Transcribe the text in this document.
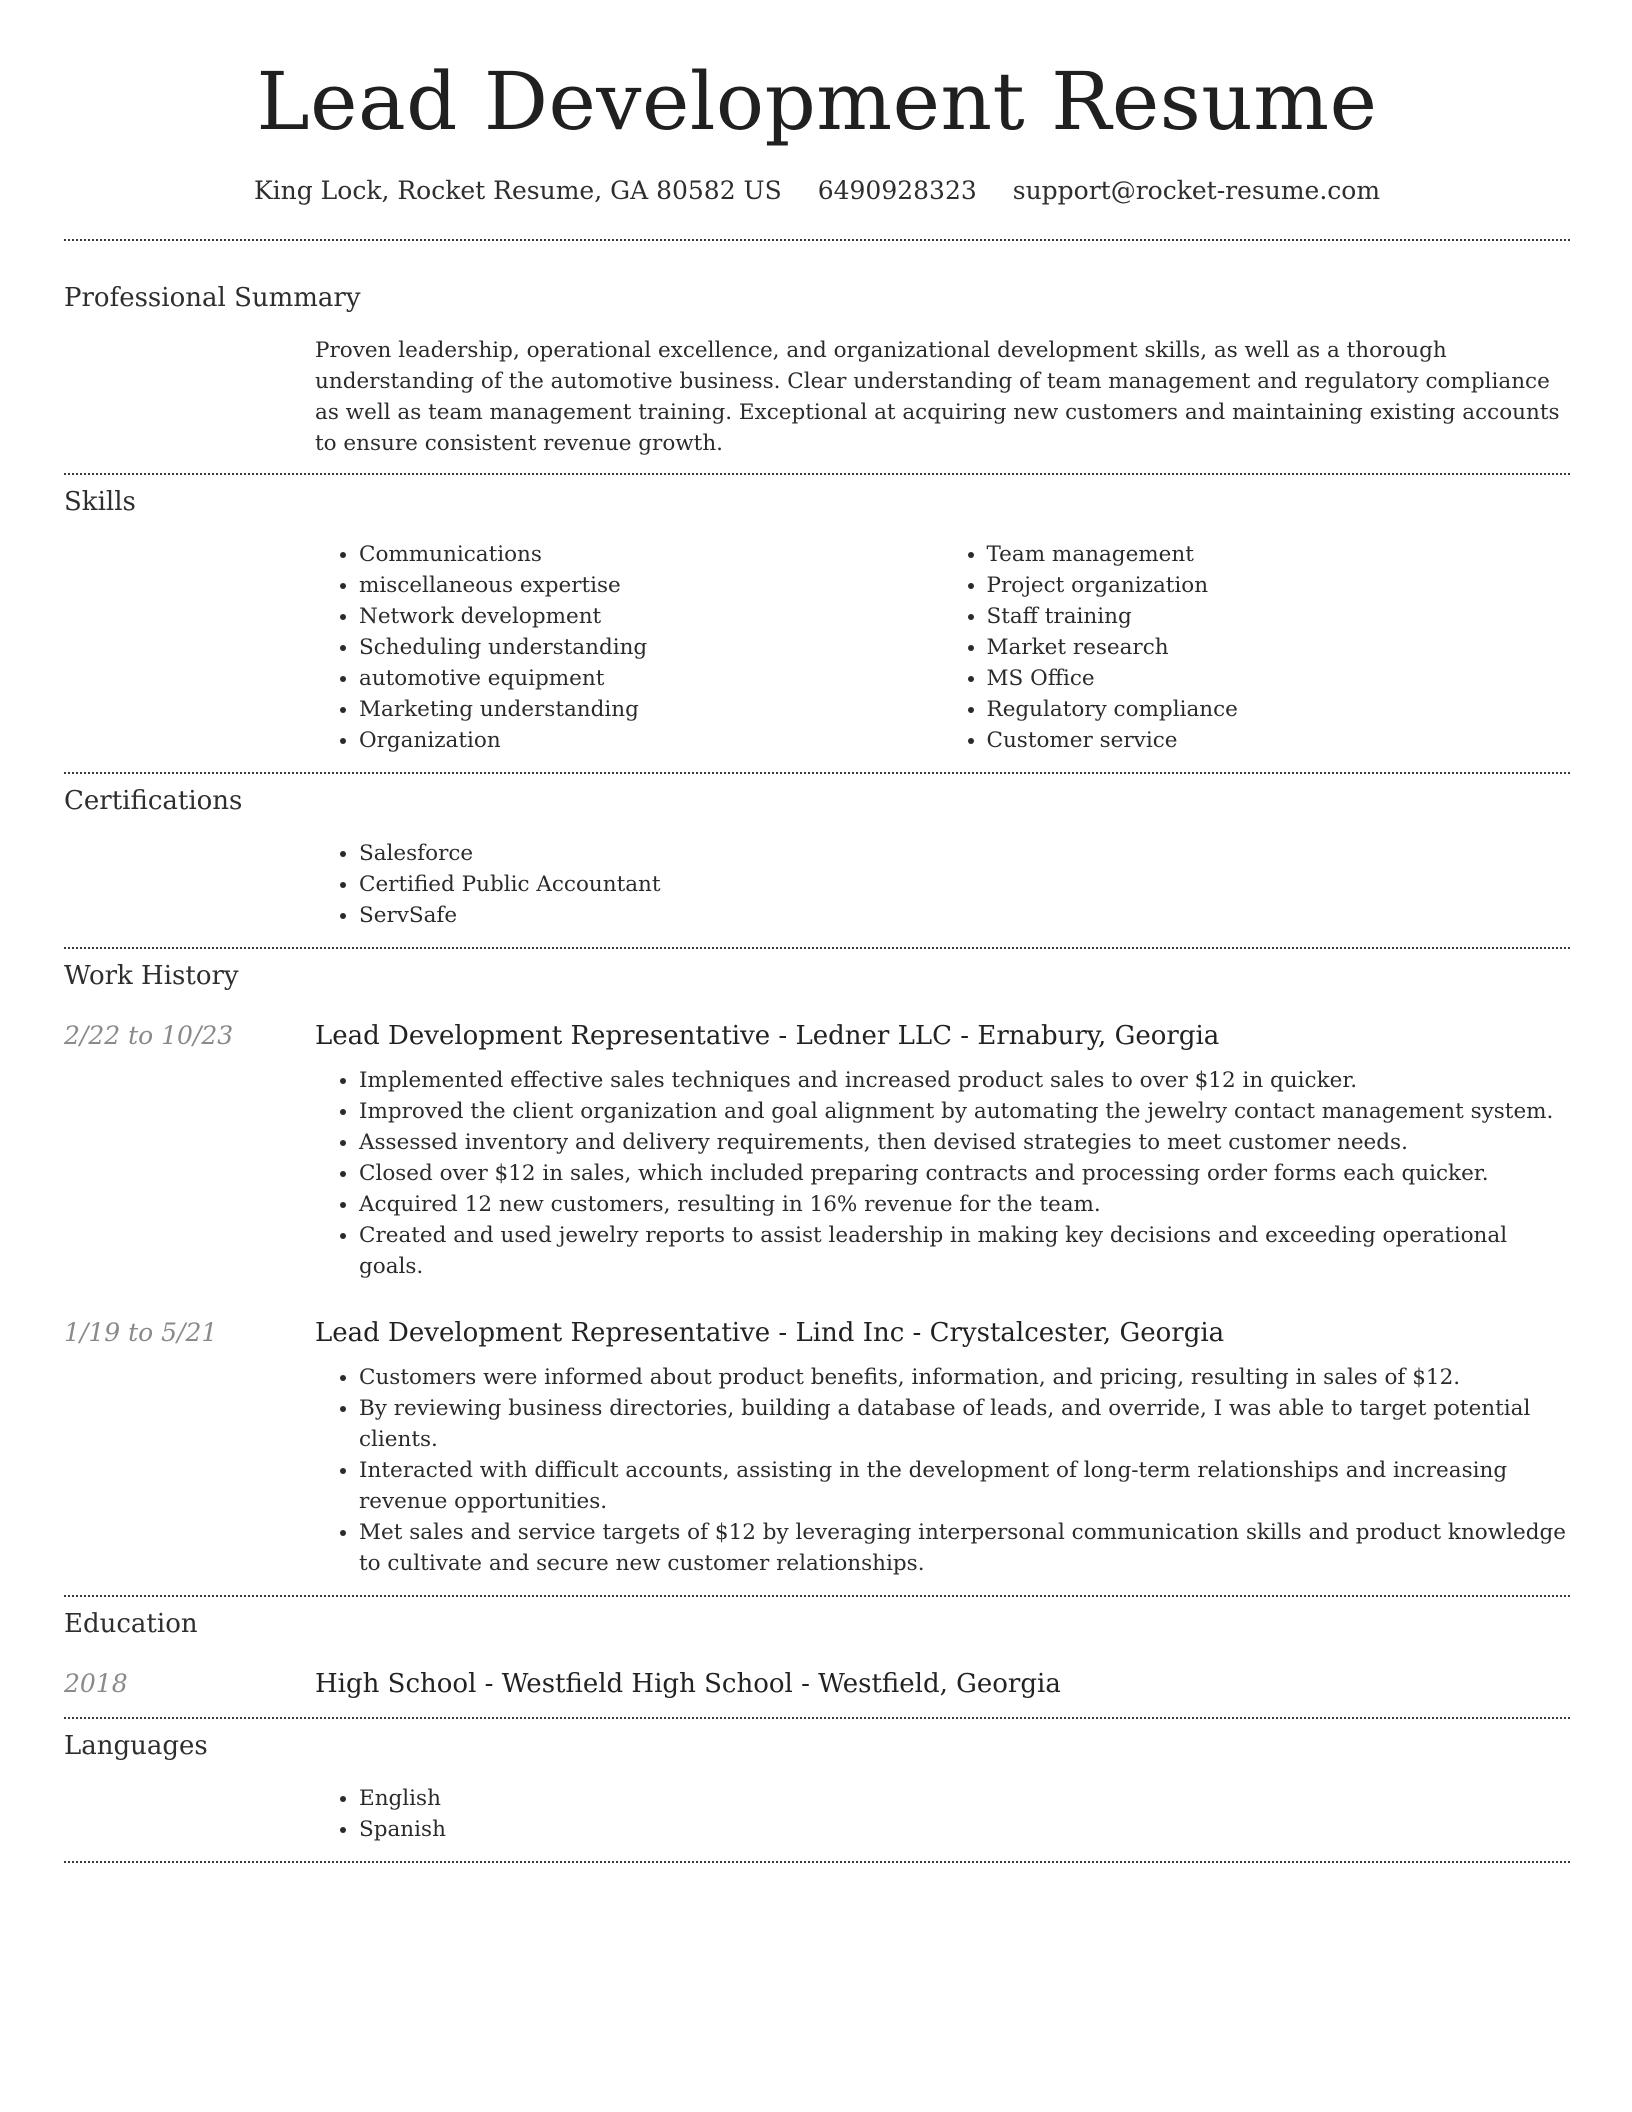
Lead Development Resume
King Lock, Rocket Resume, GA 80582 US 6490928323 support@rocket-resume.com
Professional Summary
Proven leadership, operational excellence, and organizational development skills, as well as a thorough understanding of the automotive business. Clear understanding of team management and regulatory compliance as well as team management training. Exceptional at acquiring new customers and maintaining existing accounts to ensure consistent revenue growth.
Skills
• Communications
• miscellaneous expertise
• Network development
• Scheduling understanding
• automotive equipment
• Marketing understanding
• Organization
• Team management
• Project organization
• Staff training
• Market research
• MS Office
• Regulatory compliance
• Customer service
Certifications
• Salesforce
• Certified Public Accountant
• ServSafe
Work History
2/22 to 10/23	Lead Development Representative - Ledner LLC - Ernabury, Georgia
• Implemented effective sales techniques and increased product sales to over $12 in quicker.
• Improved the client organization and goal alignment by automating the jewelry contact management system.
• Assessed inventory and delivery requirements, then devised strategies to meet customer needs.
• Closed over $12 in sales, which included preparing contracts and processing order forms each quicker.
• Acquired 12 new customers, resulting in 16% revenue for the team.
• Created and used jewelry reports to assist leadership in making key decisions and exceeding operational goals.
1/19 to 5/21	Lead Development Representative - Lind Inc - Crystalcester, Georgia
• Customers were informed about product benefits, information, and pricing, resulting in sales of $12.
• By reviewing business directories, building a database of leads, and override, I was able to target potential clients.
• Interacted with difficult accounts, assisting in the development of long-term relationships and increasing revenue opportunities.
• Met sales and service targets of $12 by leveraging interpersonal communication skills and product knowledge to cultivate and secure new customer relationships.
Education
2018	High School - Westfield High School - Westfield, Georgia
Languages
• English
• Spanish
